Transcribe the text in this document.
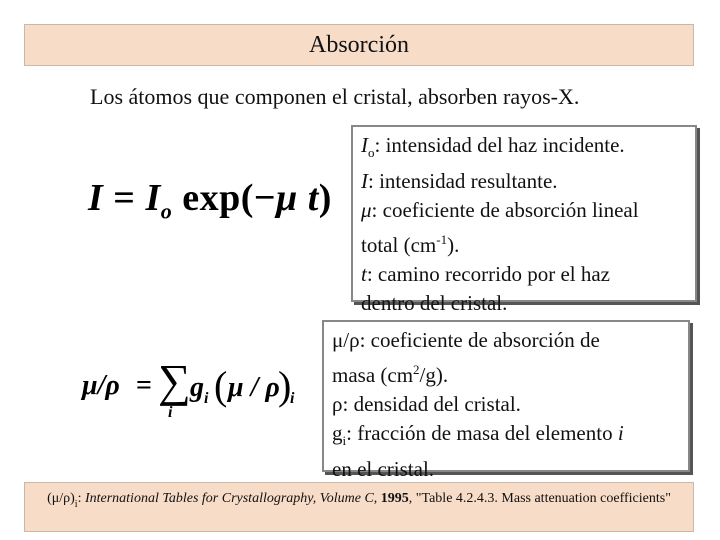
Absorción
Los átomos que componen el cristal, absorben rayos-X.
$I = I_o$ exp(−μ t)
μ/ρ = ∑
i
g i ( μ / ρ
)
i

$I_o$: intensidad del haz incidente.

I: intensidad resultante.

μ: coeficiente de absorción lineal

total $(cm^{-1})$.

t: camino recorrido por el haz

dentro del cristal.

μ/ρ: coeficiente de absorción de

masa $(cm^2/g)$.

ρ: densidad del cristal.

$g_i$: fracción de masa del elemento i

en el cristal.

$(\mu/\rho)_i$: International Tables for Crystallography, Volume C, 1995, "Table 4.2.4.3. Mass attenuation coefficients"
